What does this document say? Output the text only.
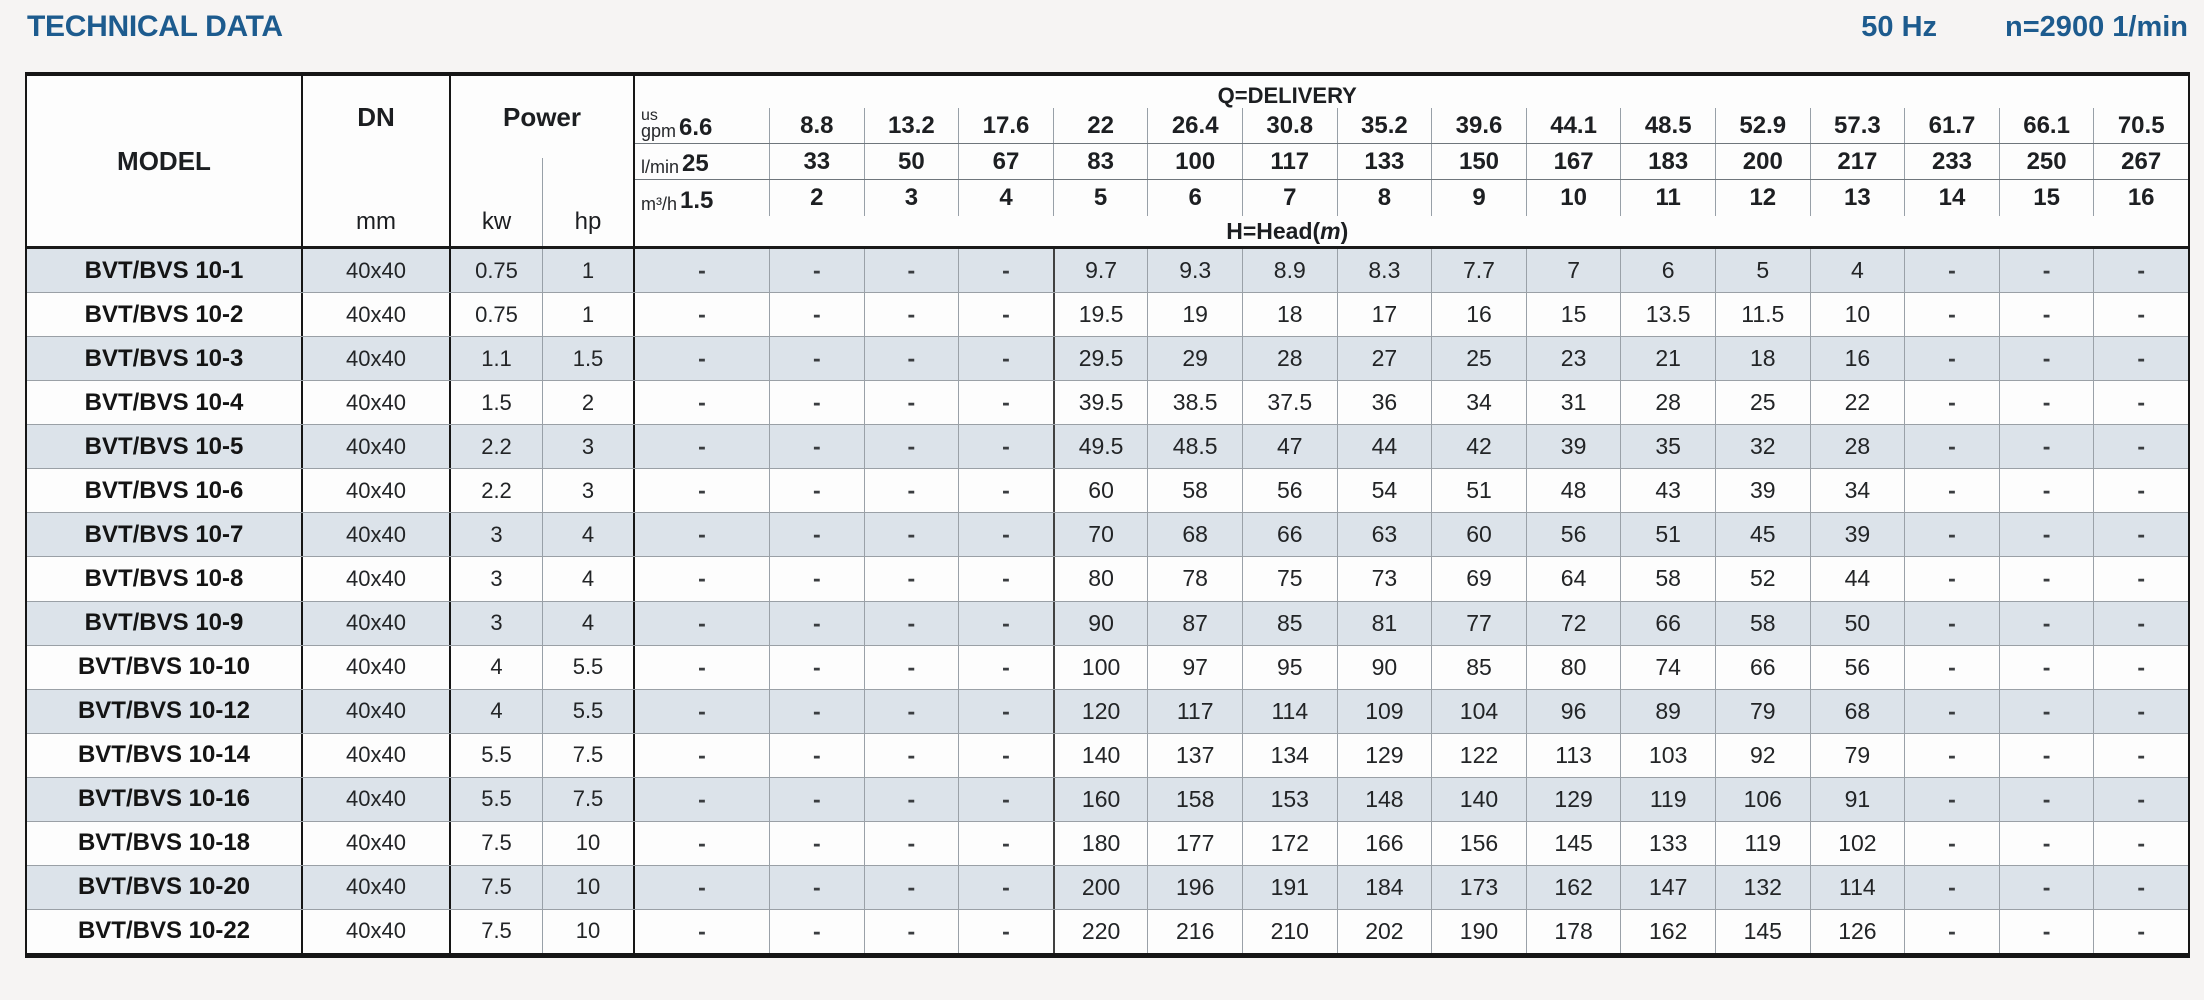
TECHNICAL DATA	50 Hz n=2900 1/min
MODEL
DN
mm
Power
kw	hp
Q=DELIVERY
us
gpm 6.6	8.8	13.2	17.6	22	26.4	30.8	35.2	39.6	44.1	48.5	52.9	57.3	61.7	66.1	70.5
l/min 25	33	50	67	83	100	117	133	150	167	183	200	217	233	250	267
m³/h 1.5	2	3	4	5	6	7	8	9	10	11	12	13	14	15	16
H=Head(m)
BVT/BVS 10-1	40x40	0.75	1	-	-	-	-	9.7	9.3	8.9	8.3	7.7	7	6	5	4	-	-	-
BVT/BVS 10-2	40x40	0.75	1	-	-	-	-	19.5	19	18	17	16	15	13.5	11.5	10	-	-	-
BVT/BVS 10-3	40x40	1.1	1.5	-	-	-	-	29.5	29	28	27	25	23	21	18	16	-	-	-
BVT/BVS 10-4	40x40	1.5	2	-	-	-	-	39.5	38.5	37.5	36	34	31	28	25	22	-	-	-
BVT/BVS 10-5	40x40	2.2	3	-	-	-	-	49.5	48.5	47	44	42	39	35	32	28	-	-	-
BVT/BVS 10-6	40x40	2.2	3	-	-	-	-	60	58	56	54	51	48	43	39	34	-	-	-
BVT/BVS 10-7	40x40	3	4	-	-	-	-	70	68	66	63	60	56	51	45	39	-	-	-
BVT/BVS 10-8	40x40	3	4	-	-	-	-	80	78	75	73	69	64	58	52	44	-	-	-
BVT/BVS 10-9	40x40	3	4	-	-	-	-	90	87	85	81	77	72	66	58	50	-	-	-
BVT/BVS 10-10	40x40	4	5.5	-	-	-	-	100	97	95	90	85	80	74	66	56	-	-	-
BVT/BVS 10-12	40x40	4	5.5	-	-	-	-	120	117	114	109	104	96	89	79	68	-	-	-
BVT/BVS 10-14	40x40	5.5	7.5	-	-	-	-	140	137	134	129	122	113	103	92	79	-	-	-
BVT/BVS 10-16	40x40	5.5	7.5	-	-	-	-	160	158	153	148	140	129	119	106	91	-	-	-
BVT/BVS 10-18	40x40	7.5	10	-	-	-	-	180	177	172	166	156	145	133	119	102	-	-	-
BVT/BVS 10-20	40x40	7.5	10	-	-	-	-	200	196	191	184	173	162	147	132	114	-	-	-
BVT/BVS 10-22	40x40	7.5	10	-	-	-	-	220	216	210	202	190	178	162	145	126	-	-	-
